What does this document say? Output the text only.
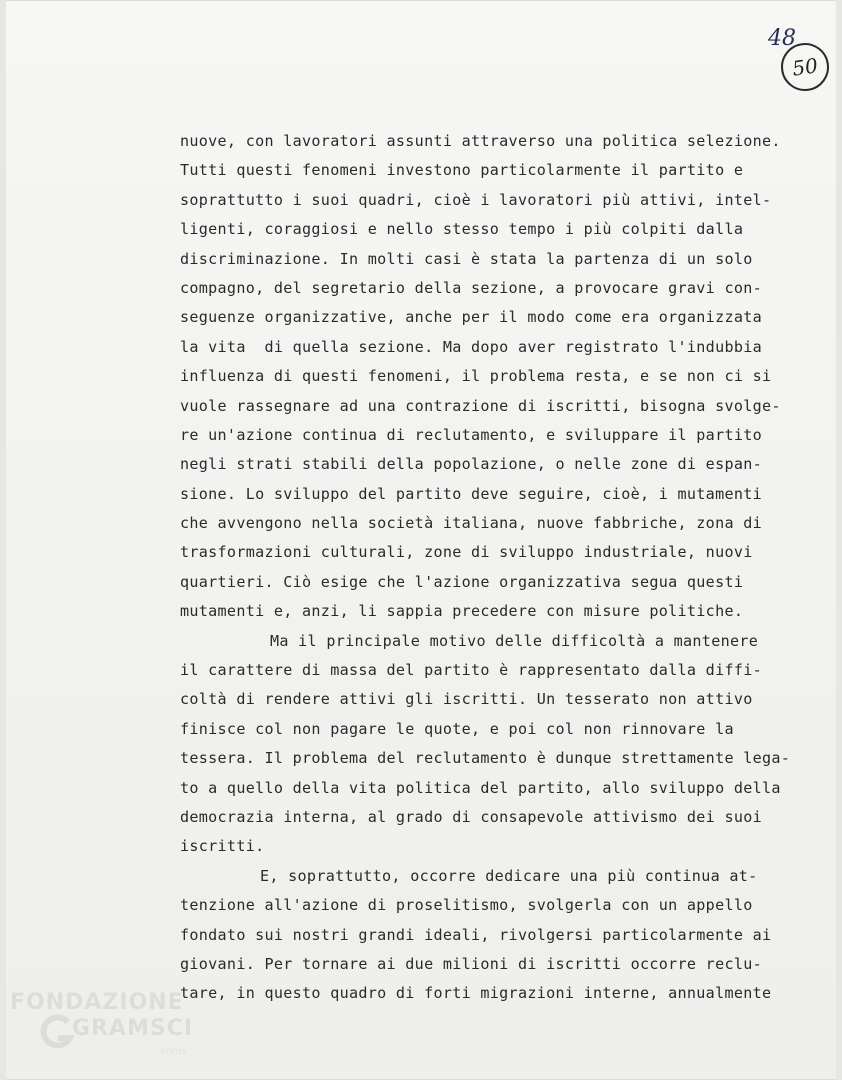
48
50
nuove, con lavoratori assunti attraverso una politica selezione.
Tutti questi fenomeni investono particolarmente il partito e
soprattutto i suoi quadri, cioè i lavoratori più attivi, intel-
ligenti, coraggiosi e nello stesso tempo i più colpiti dalla
discriminazione. In molti casi è stata la partenza di un solo
compagno, del segretario della sezione, a provocare gravi con-
seguenze organizzative, anche per il modo come era organizzata
la vita  di quella sezione. Ma dopo aver registrato l'indubbia
influenza di questi fenomeni, il problema resta, e se non ci si
vuole rassegnare ad una contrazione di iscritti, bisogna svolge-
re un'azione continua di reclutamento, e sviluppare il partito
negli strati stabili della popolazione, o nelle zone di espan-
sione. Lo sviluppo del partito deve seguire, cioè, i mutamenti
che avvengono nella società italiana, nuove fabbriche, zona di
trasformazioni culturali, zone di sviluppo industriale, nuovi
quartieri. Ciò esige che l'azione organizzativa segua questi
mutamenti e, anzi, li sappia precedere con misure politiche.
Ma il principale motivo delle difficoltà a mantenere
il carattere di massa del partito è rappresentato dalla diffi-
coltà di rendere attivi gli iscritti. Un tesserato non attivo
finisce col non pagare le quote, e poi col non rinnovare la
tessera. Il problema del reclutamento è dunque strettamente lega-
to a quello della vita politica del partito, allo sviluppo della
democrazia interna, al grado di consapevole attivismo dei suoi
iscritti.
E, soprattutto, occorre dedicare una più continua at-
tenzione all'azione di proselitismo, svolgerla con un appello
fondato sui nostri grandi ideali, rivolgersi particolarmente ai
giovani. Per tornare ai due milioni di iscritti occorre reclu-
tare, in questo quadro di forti migrazioni interne, annualmente
FONDAZIONE
GRAMSCI
onlus
